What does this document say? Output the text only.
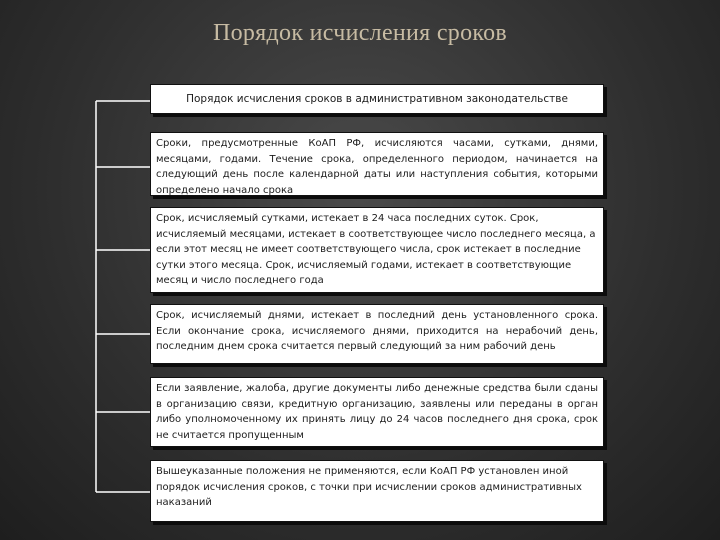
Порядок исчисления сроков

Порядок исчисления сроков в административном законодательстве

Сроки, предусмотренные КоАП РФ, исчисляются часами, сутками, днями, месяцами, годами. Течение срока, определенного периодом, начинается на следующий день после календарной даты или наступления события, которыми определено начало срока

Срок, исчисляемый сутками, истекает в 24 часа последних суток. Срок, исчисляемый месяцами, истекает в соответствующее число последнего месяца, а если этот месяц не имеет соответствующего числа, срок истекает в последние сутки этого месяца. Срок, исчисляемый годами, истекает в соответствующие месяц и число последнего года

Срок, исчисляемый днями, истекает в последний день установленного срока. Если окончание срока, исчисляемого днями, приходится на нерабочий день, последним днем срока считается первый следующий за ним рабочий день

Если заявление, жалоба, другие документы либо денежные средства были сданы в организацию связи, кредитную организацию, заявлены или переданы в орган либо уполномоченному их принять лицу до 24 часов последнего дня срока, срок не считается пропущенным

Вышеуказанные положения не применяются, если КоАП РФ установлен иной порядок исчисления сроков, с точки при исчислении сроков административных наказаний
